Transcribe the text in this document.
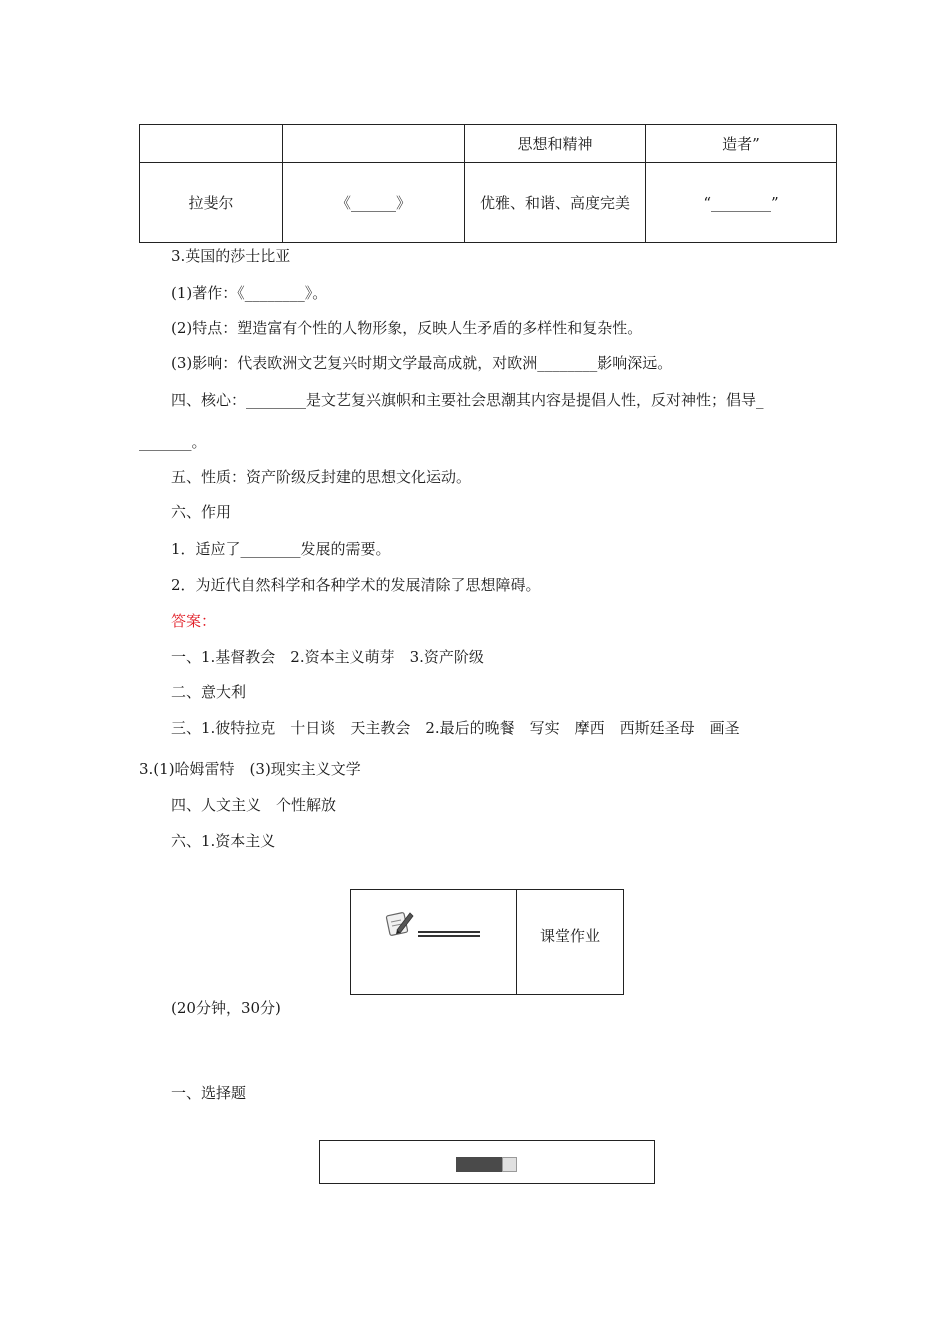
		思想和精神	造者”
拉斐尔	《______》	优雅、和谐、高度完美	“________”
3.英国的莎士比亚
(1)著作：《________》。
(2)特点：塑造富有个性的人物形象，反映人生矛盾的多样性和复杂性。
(3)影响：代表欧洲文艺复兴时期文学最高成就，对欧洲________影响深远。
四、核心：________是文艺复兴旗帜和主要社会思潮其内容是提倡人性，反对神性；倡导_
_______。
五、性质：资产阶级反封建的思想文化运动。
六、作用
1．适应了________发展的需要。
2．为近代自然科学和各种学术的发展清除了思想障碍。
答案：
一、1.基督教会　2.资本主义萌芽　3.资产阶级
二、意大利
三、1.彼特拉克　十日谈　天主教会　2.最后的晚餐　写实　摩西　西斯廷圣母　画圣
3.(1)哈姆雷特　(3)现实主义文学
四、人文主义　个性解放
六、1.资本主义
课堂作业
(20分钟，30分)
一、选择题
